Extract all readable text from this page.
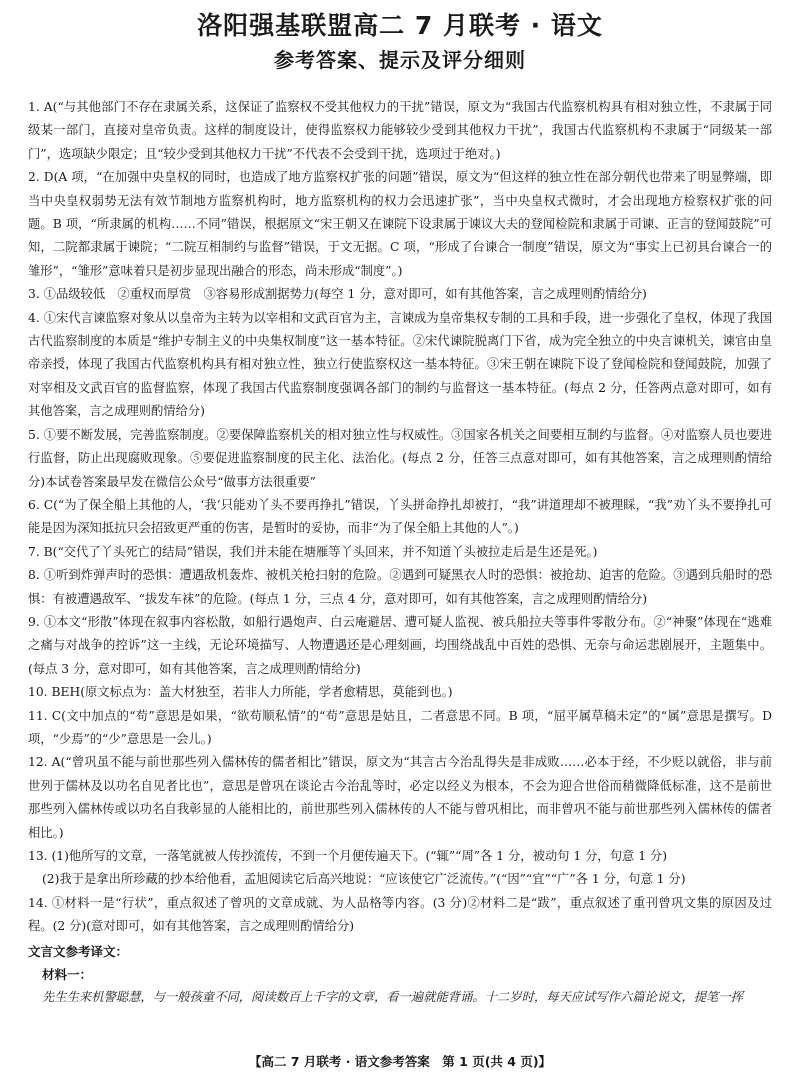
洛阳强基联盟高二 7 月联考 · 语文
参考答案、提示及评分细则

1. A(“与其他部门不存在隶属关系，这保证了监察权不受其他权力的干扰”错误，原文为“我国古代监察机构具有相对独立性，不隶属于同级某一部门，直接对皇帝负责。这样的制度设计，使得监察权力能够较少受到其他权力干扰”，我国古代监察机构不隶属于“同级某一部门”，选项缺少限定；且“较少受到其他权力干扰”不代表不会受到干扰，选项过于绝对。)

2. D(A 项，“在加强中央皇权的同时，也造成了地方监察权扩张的问题”错误，原文为“但这样的独立性在部分朝代也带来了明显弊端，即当中央皇权弱势无法有效节制地方监察机构时，地方监察机构的权力会迅速扩张”，当中央皇权式微时，才会出现地方检察权扩张的问题。B 项，“所隶属的机构……不同”错误，根据原文“宋王朝又在谏院下设隶属于谏议大夫的登闻检院和隶属于司谏、正言的登闻鼓院”可知，二院都隶属于谏院；“二院互相制约与监督”错误，于文无据。C 项，“形成了台谏合一制度”错误，原文为“事实上已初具台谏合一的雏形”，“雏形”意味着只是初步显现出融合的形态，尚未形成“制度”。)

3. ①品级较低　②重权而厚赏　③容易形成割据势力(每空 1 分，意对即可，如有其他答案，言之成理则酌情给分)

4. ①宋代言谏监察对象从以皇帝为主转为以宰相和文武百官为主，言谏成为皇帝集权专制的工具和手段，进一步强化了皇权，体现了我国古代监察制度的本质是“维护专制主义的中央集权制度”这一基本特征。②宋代谏院脱离门下省，成为完全独立的中央言谏机关，谏官由皇帝亲授，体现了我国古代监察机构具有相对独立性，独立行使监察权这一基本特征。③宋王朝在谏院下设了登闻检院和登闻鼓院，加强了对宰相及文武百官的监督监察，体现了我国古代监察制度强调各部门的制约与监督这一基本特征。(每点 2 分，任答两点意对即可，如有其他答案，言之成理则酌情给分)

5. ①要不断发展，完善监察制度。②要保障监察机关的相对独立性与权威性。③国家各机关之间要相互制约与监督。④对监察人员也要进行监督，防止出现腐败现象。⑤要促进监察制度的民主化、法治化。(每点 2 分，任答三点意对即可，如有其他答案，言之成理则酌情给分)本试卷答案最早发在微信公众号“做事方法很重要”

6. C(“为了保全船上其他的人，‘我’只能劝丫头不要再挣扎”错误，丫头拼命挣扎却被打，“我”讲道理却不被理睬，“我”劝丫头不要挣扎可能是因为深知抵抗只会招致更严重的伤害，是暂时的妥协，而非“为了保全船上其他的人”。)

7. B(“交代了丫头死亡的结局”错误，我们并未能在塘雁等丫头回来，并不知道丫头被拉走后是生还是死。)

8. ①听到炸弹声时的恐惧：遭遇敌机轰炸、被机关枪扫射的危险。②遇到可疑黑衣人时的恐惧：被抢劫、迫害的危险。③遇到兵船时的恐惧：有被遭遇敌军、“拔发车袜”的危险。(每点 1 分，三点 4 分，意对即可，如有其他答案，言之成理则酌情给分)

9. ①本文“形散”体现在叙事内容松散，如船行遇炮声、白云庵避居、遭可疑人监视、被兵船拉夫等事件零散分布。②“神聚”体现在“逃难之痛与对战争的控诉”这一主线，无论环境描写、人物遭遇还是心理刻画，均围绕战乱中百姓的恐惧、无奈与命运悲剧展开，主题集中。(每点 3 分，意对即可，如有其他答案，言之成理则酌情给分)

10. BEH(原文标点为：盖大材独至，若非人力所能，学者愈精思，莫能到也。)

11. C(文中加点的“苟”意思是如果，“欲苟顺私情”的“苟”意思是姑且，二者意思不同。B 项，“屈平属草稿未定”的“属”意思是撰写。D 项，“少焉”的“少”意思是一会儿。)

12. A(“曾巩虽不能与前世那些列入儒林传的儒者相比”错误，原文为“其言古今治乱得失是非成败……必本于经，不少贬以就俗，非与前世列于儒林及以功名自见者比也”，意思是曾巩在谈论古今治乱等时，必定以经义为根本，不会为迎合世俗而稍微降低标准，这不是前世那些列入儒林传或以功名自我彰显的人能相比的，前世那些列入儒林传的人不能与曾巩相比，而非曾巩不能与前世那些列入儒林传的儒者相比。)

13. (1)他所写的文章，一落笔就被人传抄流传，不到一个月便传遍天下。(“辄”“周”各 1 分，被动句 1 分，句意 1 分)

(2)我于是拿出所珍藏的抄本给他看，孟旭阅读它后高兴地说：“应该使它广泛流传。”(“因”“宜”“广”各 1 分，句意 1 分)

14. ①材料一是“行状”，重点叙述了曾巩的文章成就、为人品格等内容。(3 分)②材料二是“跋”，重点叙述了重刊曾巩文集的原因及过程。(2 分)(意对即可，如有其他答案，言之成理则酌情给分)

文言文参考译文：
材料一：
先生生来机警聪慧，与一般孩童不同，阅读数百上千字的文章，看一遍就能背诵。十二岁时，每天应试写作六篇论说文，提笔一挥
【高二 7 月联考 · 语文参考答案　第 1 页(共 4 页)】
